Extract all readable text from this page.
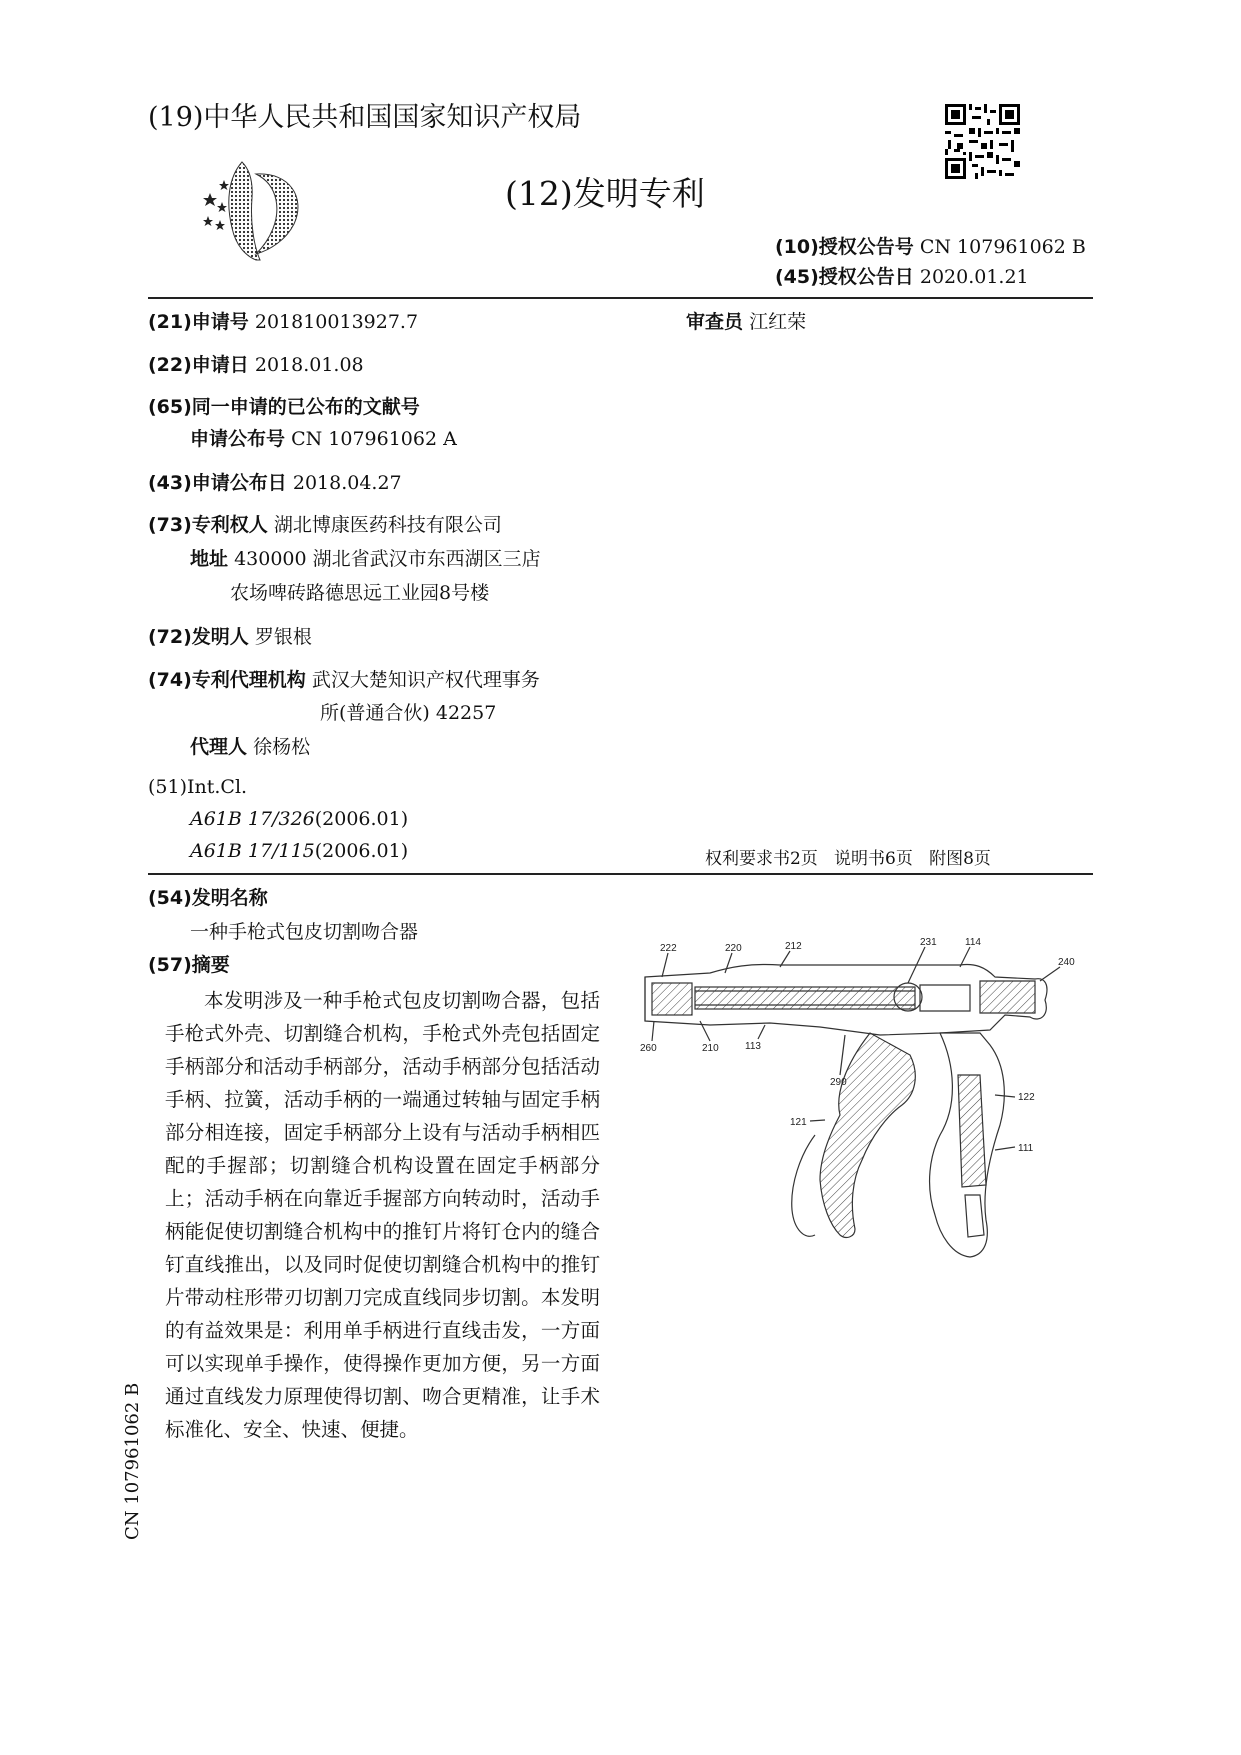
(19)中华人民共和国国家知识产权局
(12)发明专利
(10)授权公告号 CN 107961062 B
(45)授权公告日 2020.01.21
(21)申请号 201810013927.7	审查员 江红荣
(22)申请日 2018.01.08
(65)同一申请的已公布的文献号
申请公布号 CN 107961062 A
(43)申请公布日 2018.04.27
(73)专利权人 湖北博康医药科技有限公司
地址 430000 湖北省武汉市东西湖区三店
农场啤砖路德思远工业园8号楼
(72)发明人 罗银根
(74)专利代理机构 武汉大楚知识产权代理事务
所(普通合伙) 42257
代理人 徐杨松
(51)Int.Cl.
A61B 17/326(2006.01)
A61B 17/115(2006.01)	权利要求书2页 说明书6页 附图8页
(54)发明名称
一种手枪式包皮切割吻合器
(57)摘要

本发明涉及一种手枪式包皮切割吻合器，包括手枪式外壳、切割缝合机构，手枪式外壳包括固定手柄部分和活动手柄部分，活动手柄部分包括活动手柄、拉簧，活动手柄的一端通过转轴与固定手柄部分相连接，固定手柄部分上设有与活动手柄相匹配的手握部；切割缝合机构设置在固定手柄部分上；活动手柄在向靠近手握部方向转动时，活动手柄能促使切割缝合机构中的推钉片将钉仓内的缝合钉直线推出，以及同时促使切割缝合机构中的推钉片带动柱形带刃切割刀完成直线同步切割。本发明的有益效果是：利用单手柄进行直线击发，一方面可以实现单手操作，使得操作更加方便，另一方面通过直线发力原理使得切割、吻合更精准，让手术标准化、安全、快速、便捷。

222	220	212	231	114
240
260	210	113
290
121
122
111
CN 107961062 B
